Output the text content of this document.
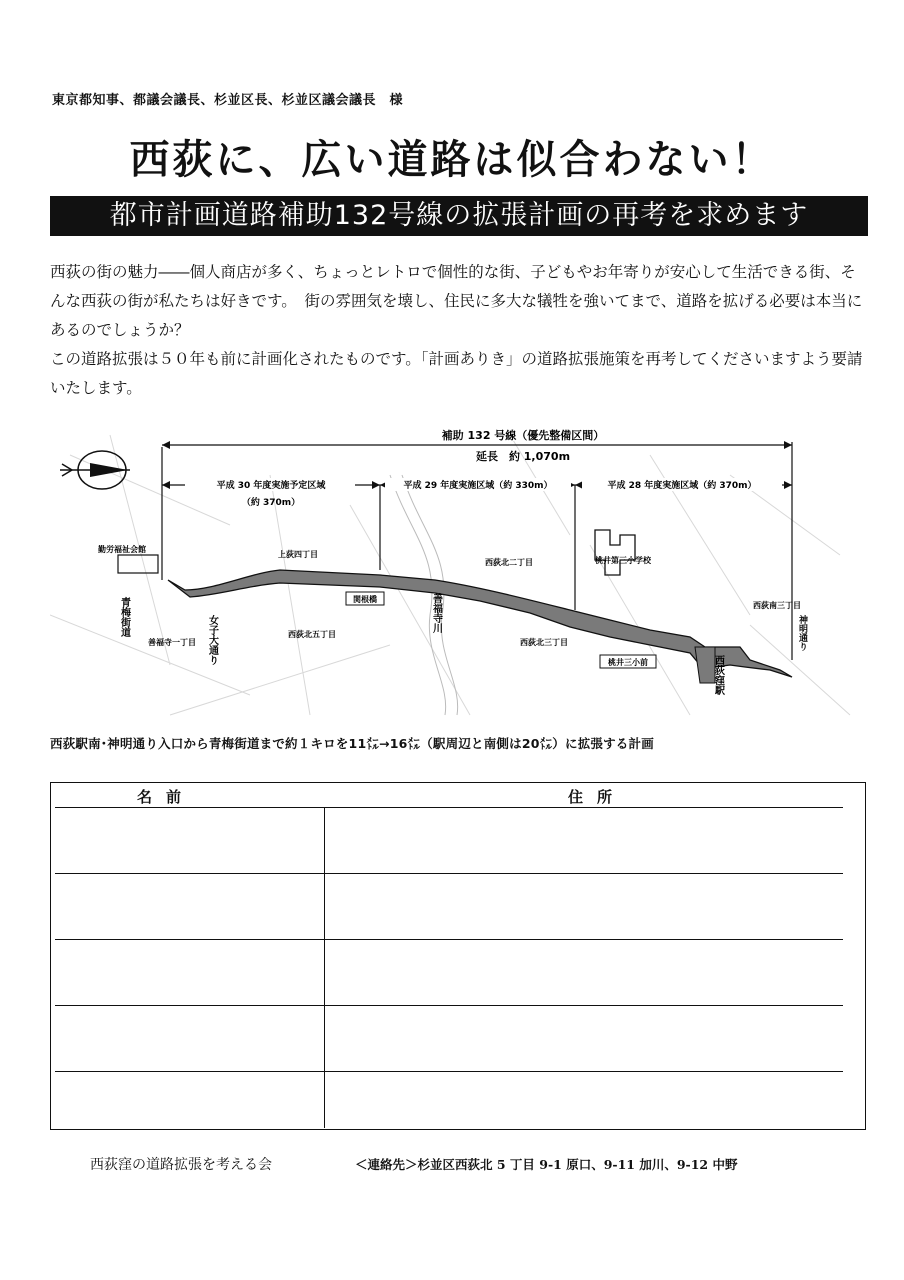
東京都知事、都議会議長、杉並区長、杉並区議会議長　様
西荻に、広い道路は似合わない！
都市計画道路補助132号線の拡張計画の再考を求めます

西荻の街の魅力――個人商店が多く、ちょっとレトロで個性的な街、子どもやお年寄りが安心して生活できる街、そんな西荻の街が私たちは好きです。　街の雰囲気を壊し、住民に多大な犠牲を強いてまで、道路を拡げる必要は本当にあるのでしょうか？

この道路拡張は５０年も前に計画化されたものです。「計画ありき」の道路拡張施策を再考してくださいますよう要請いたします。

補助 132 号線（優先整備区間）
延長　約 1,070m
平成 30 年度実施予定区域
（約 370m）
平成 29 年度実施区域（約 330m）	平成 28 年度実施区域（約 370m）
勤労福祉会館
桃井第三小学校
上荻四丁目
西荻北二丁目
西荻南三丁目
善福寺一丁目
西荻北五丁目
西荻北三丁目
青梅街道	女子大通り
善福寺川
西荻窪駅
神明通り
関根橋
桃井三小前
西荻駅南･神明通り入口から青梅街道まで約１キロを11㍍→16㍍（駅周辺と南側は20㍍）に拡張する計画
名前	住所
西荻窪の道路拡張を考える会	＜連絡先＞杉並区西荻北 5 丁目 9-1 原口、9-11 加川、9-12 中野
